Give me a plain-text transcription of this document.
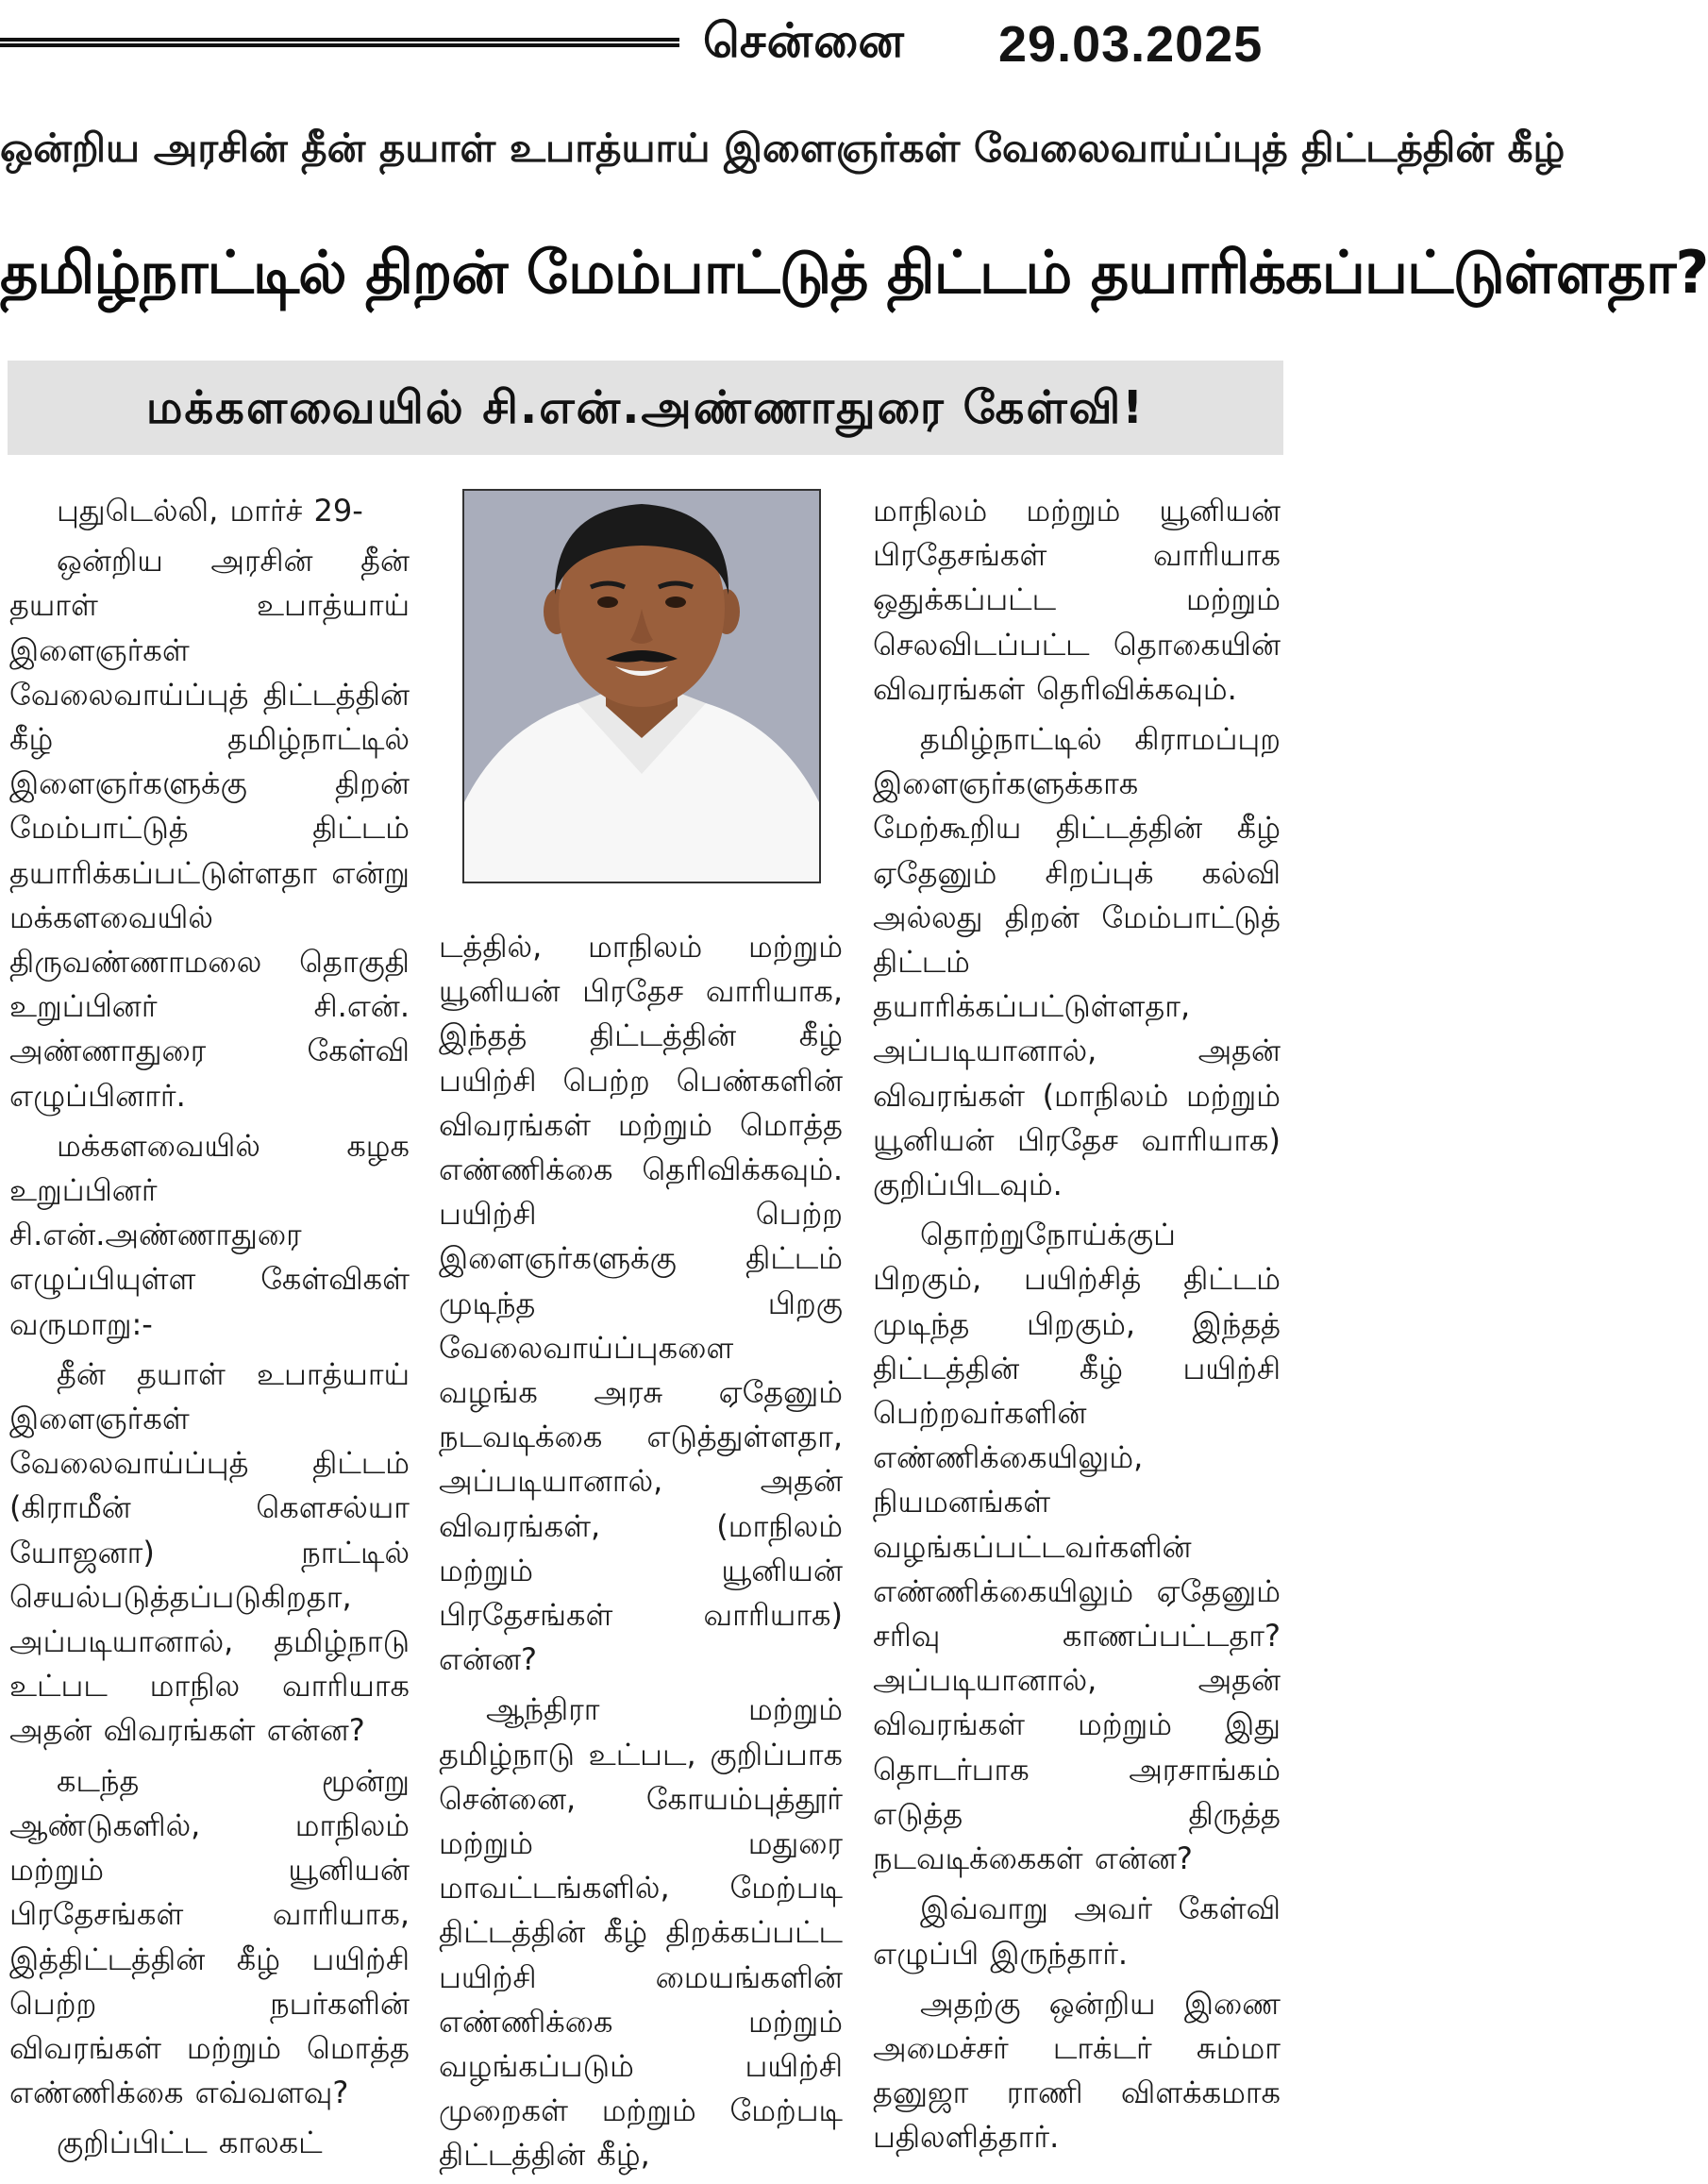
சென்னை 29.03.2025
ஒன்றிய அரசின் தீன் தயாள் உபாத்யாய் இளைஞர்கள் வேலைவாய்ப்புத் திட்டத்தின் கீழ்
தமிழ்நாட்டில் திறன் மேம்பாட்டுத் திட்டம் தயாரிக்கப்பட்டுள்ளதா?
மக்களவையில் சி.என்.அண்ணாதுரை கேள்வி!

புதுடெல்லி, மார்ச் 29-

ஒன்றிய அரசின் தீன் தயாள் உபாத்யாய் இளைஞர்கள் வேலைவாய்ப்புத் திட்டத்தின் கீழ் தமிழ்நாட்டில் இளைஞர்களுக்கு திறன் மேம்பாட்டுத் திட்டம் தயாரிக்கப்பட்டுள்ளதா என்று மக்களவையில் திருவண்ணாமலை தொகுதி உறுப்பினர் சி.என். அண்ணாதுரை கேள்வி எழுப்பினார்.

மக்களவையில் கழக உறுப்பினர் சி.என்.அண்ணாதுரை எழுப்பியுள்ள கேள்விகள் வருமாறு:-

தீன் தயாள் உபாத்யாய் இளைஞர்கள் வேலைவாய்ப்புத் திட்டம் (கிராமீன் கௌசல்யா யோஜனா) நாட்டில் செயல்படுத்தப்படுகிறதா, அப்படியானால், தமிழ்நாடு உட்பட மாநில வாரியாக அதன் விவரங்கள் என்ன?

கடந்த மூன்று ஆண்டுகளில், மாநிலம் மற்றும் யூனியன் பிரதேசங்கள் வாரியாக, இத்திட்டத்தின் கீழ் பயிற்சி பெற்ற நபர்களின் விவரங்கள் மற்றும் மொத்த எண்ணிக்கை எவ்வளவு?

குறிப்பிட்ட காலகட்

டத்தில், மாநிலம் மற்றும் யூனியன் பிரதேச வாரியாக, இந்தத் திட்டத்தின் கீழ் பயிற்சி பெற்ற பெண்களின் விவரங்கள் மற்றும் மொத்த எண்ணிக்கை தெரிவிக்கவும். பயிற்சி பெற்ற இளைஞர்களுக்கு திட்டம் முடிந்த பிறகு வேலைவாய்ப்புகளை வழங்க அரசு ஏதேனும் நடவடிக்கை எடுத்துள்ளதா, அப்படியானால், அதன் விவரங்கள், (மாநிலம் மற்றும் யூனியன் பிரதேசங்கள் வாரியாக) என்ன?

ஆந்திரா மற்றும் தமிழ்நாடு உட்பட, குறிப்பாக சென்னை, கோயம்புத்தூர் மற்றும் மதுரை மாவட்டங்களில், மேற்படி திட்டத்தின் கீழ் திறக்கப்பட்ட பயிற்சி மையங்களின் எண்ணிக்கை மற்றும் வழங்கப்படும் பயிற்சி முறைகள் மற்றும் மேற்படி திட்டத்தின் கீழ்,

மாநிலம் மற்றும் யூனியன் பிரதேசங்கள் வாரியாக ஒதுக்கப்பட்ட மற்றும் செலவிடப்பட்ட தொகையின் விவரங்கள் தெரிவிக்கவும்.

தமிழ்நாட்டில் கிராமப்புற இளைஞர்களுக்காக மேற்கூறிய திட்டத்தின் கீழ் ஏதேனும் சிறப்புக் கல்வி அல்லது திறன் மேம்பாட்டுத் திட்டம் தயாரிக்கப்பட்டுள்ளதா, அப்படியானால், அதன் விவரங்கள் (மாநிலம் மற்றும் யூனியன் பிரதேச வாரியாக) குறிப்பிடவும்.

தொற்றுநோய்க்குப் பிறகும், பயிற்சித் திட்டம் முடிந்த பிறகும், இந்தத் திட்டத்தின் கீழ் பயிற்சி பெற்றவர்களின் எண்ணிக்கையிலும், நியமனங்கள் வழங்கப்பட்டவர்களின் எண்ணிக்கையிலும் ஏதேனும் சரிவு காணப்பட்டதா? அப்படியானால், அதன் விவரங்கள் மற்றும் இது தொடர்பாக அரசாங்கம் எடுத்த திருத்த நடவடிக்கைகள் என்ன?

இவ்வாறு அவர் கேள்வி எழுப்பி இருந்தார்.

அதற்கு ஒன்றிய இணை அமைச்சர் டாக்டர் சும்மா தனுஜா ராணி விளக்கமாக பதிலளித்தார்.
